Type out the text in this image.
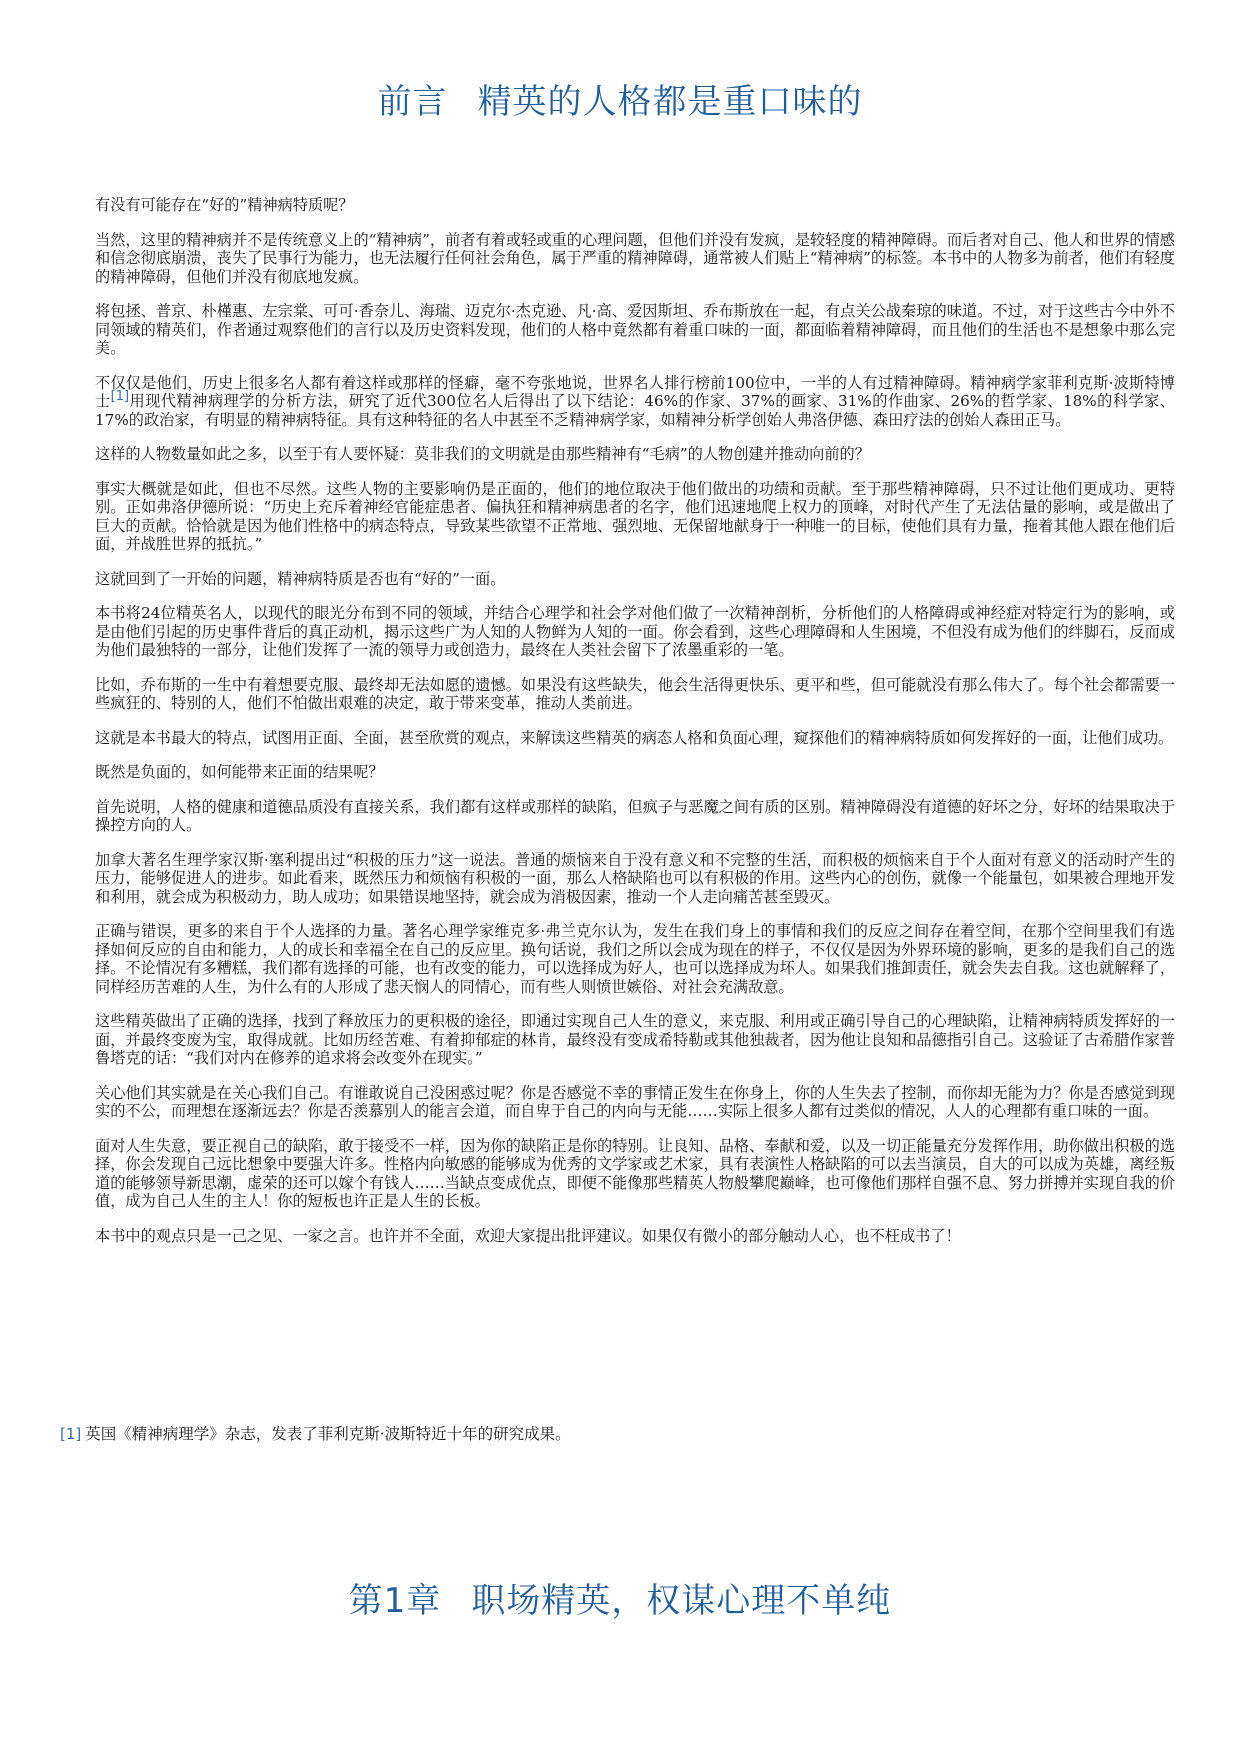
前言 精英的人格都是重口味的

有没有可能存在“好的”精神病特质呢？

当然，这里的精神病并不是传统意义上的“精神病”，前者有着或轻或重的心理问题，但他们并没有发疯，是较轻度的精神障碍。而后者对自己、他人和世界的情感和信念彻底崩溃，丧失了民事行为能力，也无法履行任何社会角色，属于严重的精神障碍，通常被人们贴上“精神病”的标签。本书中的人物多为前者，他们有轻度的精神障碍，但他们并没有彻底地发疯。

将包拯、普京、朴槿惠、左宗棠、可可·香奈儿、海瑞、迈克尔·杰克逊、凡·高、爱因斯坦、乔布斯放在一起，有点关公战秦琼的味道。不过，对于这些古今中外不同领域的精英们，作者通过观察他们的言行以及历史资料发现，他们的人格中竟然都有着重口味的一面，都面临着精神障碍，而且他们的生活也不是想象中那么完美。

不仅仅是他们，历史上很多名人都有着这样或那样的怪癖，毫不夸张地说，世界名人排行榜前100位中，一半的人有过精神障碍。精神病学家菲利克斯·波斯特博士[1]用现代精神病理学的分析方法，研究了近代300位名人后得出了以下结论：46%的作家、37%的画家、31%的作曲家、26%的哲学家、18%的科学家、17%的政治家，有明显的精神病特征。具有这种特征的名人中甚至不乏精神病学家，如精神分析学创始人弗洛伊德、森田疗法的创始人森田正马。

这样的人物数量如此之多，以至于有人要怀疑：莫非我们的文明就是由那些精神有“毛病”的人物创建并推动向前的？

事实大概就是如此，但也不尽然。这些人物的主要影响仍是正面的，他们的地位取决于他们做出的功绩和贡献。至于那些精神障碍，只不过让他们更成功、更特别。正如弗洛伊德所说：“历史上充斥着神经官能症患者、偏执狂和精神病患者的名字，他们迅速地爬上权力的顶峰，对时代产生了无法估量的影响，或是做出了巨大的贡献。恰恰就是因为他们性格中的病态特点，导致某些欲望不正常地、强烈地、无保留地献身于一种唯一的目标，使他们具有力量，拖着其他人跟在他们后面，并战胜世界的抵抗。”

这就回到了一开始的问题，精神病特质是否也有“好的”一面。

本书将24位精英名人，以现代的眼光分布到不同的领域，并结合心理学和社会学对他们做了一次精神剖析，分析他们的人格障碍或神经症对特定行为的影响，或是由他们引起的历史事件背后的真正动机，揭示这些广为人知的人物鲜为人知的一面。你会看到，这些心理障碍和人生困境，不但没有成为他们的绊脚石，反而成为他们最独特的一部分，让他们发挥了一流的领导力或创造力，最终在人类社会留下了浓墨重彩的一笔。

比如，乔布斯的一生中有着想要克服、最终却无法如愿的遗憾。如果没有这些缺失，他会生活得更快乐、更平和些，但可能就没有那么伟大了。每个社会都需要一些疯狂的、特别的人，他们不怕做出艰难的决定，敢于带来变革，推动人类前进。

这就是本书最大的特点，试图用正面、全面，甚至欣赏的观点，来解读这些精英的病态人格和负面心理，窥探他们的精神病特质如何发挥好的一面，让他们成功。

既然是负面的，如何能带来正面的结果呢？

首先说明，人格的健康和道德品质没有直接关系，我们都有这样或那样的缺陷，但疯子与恶魔之间有质的区别。精神障碍没有道德的好坏之分，好坏的结果取决于操控方向的人。

加拿大著名生理学家汉斯·塞利提出过“积极的压力”这一说法。普通的烦恼来自于没有意义和不完整的生活，而积极的烦恼来自于个人面对有意义的活动时产生的压力，能够促进人的进步。如此看来，既然压力和烦恼有积极的一面，那么人格缺陷也可以有积极的作用。这些内心的创伤，就像一个能量包，如果被合理地开发和利用，就会成为积极动力，助人成功；如果错误地坚持，就会成为消极因素，推动一个人走向痛苦甚至毁灭。

正确与错误，更多的来自于个人选择的力量。著名心理学家维克多·弗兰克尔认为，发生在我们身上的事情和我们的反应之间存在着空间，在那个空间里我们有选择如何反应的自由和能力，人的成长和幸福全在自己的反应里。换句话说，我们之所以会成为现在的样子，不仅仅是因为外界环境的影响，更多的是我们自己的选择。不论情况有多糟糕，我们都有选择的可能，也有改变的能力，可以选择成为好人，也可以选择成为坏人。如果我们推卸责任，就会失去自我。这也就解释了，同样经历苦难的人生，为什么有的人形成了悲天悯人的同情心，而有些人则愤世嫉俗、对社会充满敌意。

这些精英做出了正确的选择，找到了释放压力的更积极的途径，即通过实现自己人生的意义，来克服、利用或正确引导自己的心理缺陷，让精神病特质发挥好的一面，并最终变废为宝，取得成就。比如历经苦难、有着抑郁症的林肯，最终没有变成希特勒或其他独裁者，因为他让良知和品德指引自己。这验证了古希腊作家普鲁塔克的话：“我们对内在修养的追求将会改变外在现实。”

关心他们其实就是在关心我们自己。有谁敢说自己没困惑过呢？你是否感觉不幸的事情正发生在你身上，你的人生失去了控制，而你却无能为力？你是否感觉到现实的不公，而理想在逐渐远去？你是否羡慕别人的能言会道，而自卑于自己的内向与无能……实际上很多人都有过类似的情况，人人的心理都有重口味的一面。

面对人生失意，要正视自己的缺陷，敢于接受不一样，因为你的缺陷正是你的特别。让良知、品格、奉献和爱，以及一切正能量充分发挥作用，助你做出积极的选择，你会发现自己远比想象中要强大许多。性格内向敏感的能够成为优秀的文学家或艺术家，具有表演性人格缺陷的可以去当演员，自大的可以成为英雄，离经叛道的能够领导新思潮，虚荣的还可以嫁个有钱人……当缺点变成优点，即便不能像那些精英人物般攀爬巅峰，也可像他们那样自强不息、努力拼搏并实现自我的价值，成为自己人生的主人！你的短板也许正是人生的长板。

本书中的观点只是一己之见、一家之言。也许并不全面，欢迎大家提出批评建议。如果仅有微小的部分触动人心，也不枉成书了！

[1] 英国《精神病理学》杂志，发表了菲利克斯·波斯特近十年的研究成果。
第1章 职场精英，权谋心理不单纯
